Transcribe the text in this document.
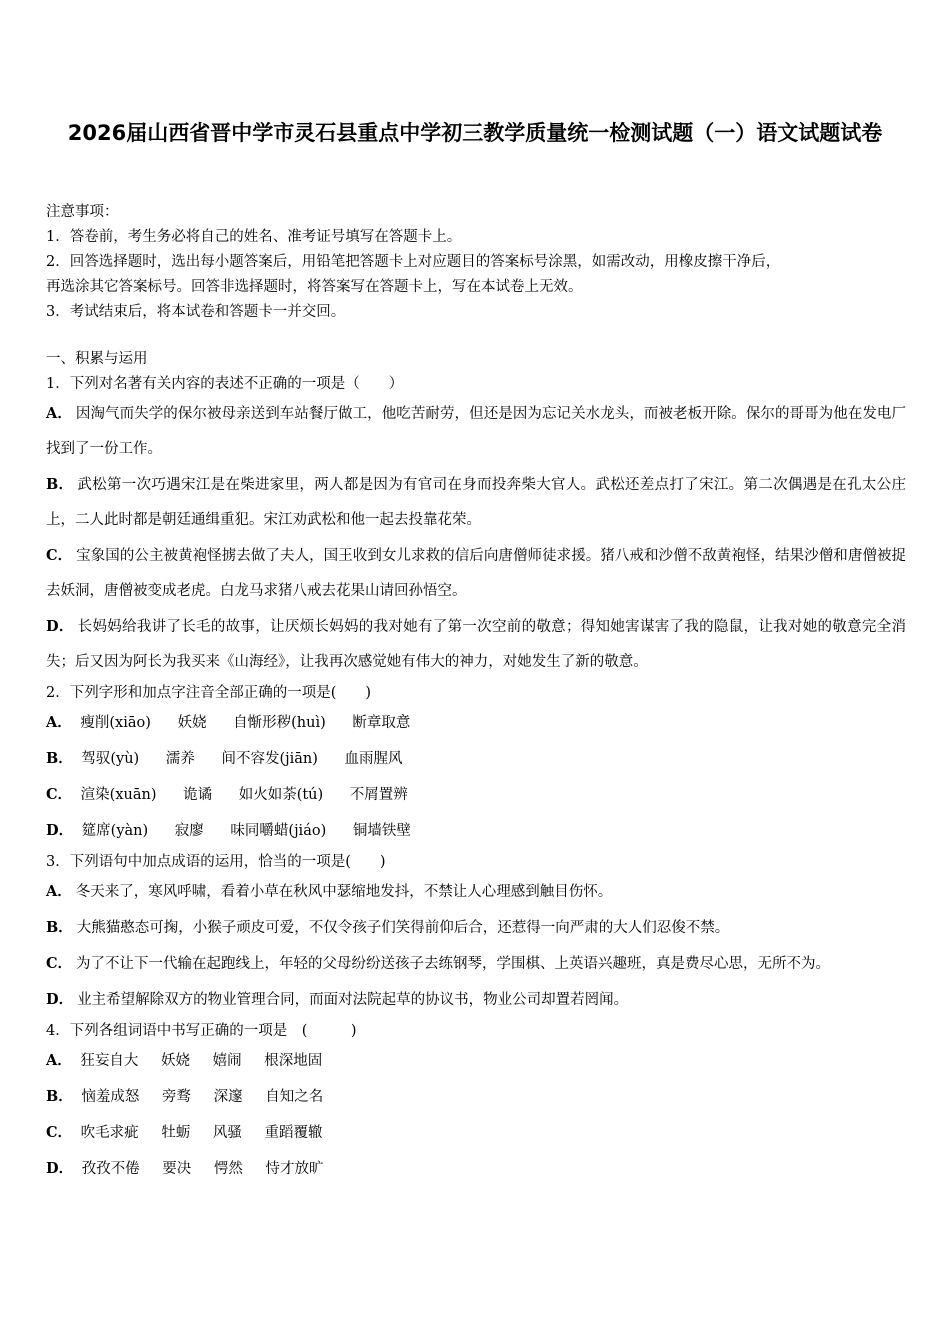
2026届山西省晋中学市灵石县重点中学初三教学质量统一检测试题（一）语文试题试卷
注意事项：
1．答卷前，考生务必将自己的姓名、准考证号填写在答题卡上。
2．回答选择题时，选出每小题答案后，用铅笔把答题卡上对应题目的答案标号涂黑，如需改动，用橡皮擦干净后，
再选涂其它答案标号。回答非选择题时，将答案写在答题卡上，写在本试卷上无效。
3．考试结束后，将本试卷和答题卡一并交回。
一、积累与运用
1．下列对名著有关内容的表述不正确的一项是（　　）
A． 因淘气而失学的保尔被母亲送到车站餐厅做工，他吃苦耐劳，但还是因为忘记关水龙头，而被老板开除。保尔的哥哥为他在发电厂找到了一份工作。
B． 武松第一次巧遇宋江是在柴进家里，两人都是因为有官司在身而投奔柴大官人。武松还差点打了宋江。第二次偶遇是在孔太公庄上，二人此时都是朝廷通缉重犯。宋江劝武松和他一起去投靠花荣。
C． 宝象国的公主被黄袍怪掳去做了夫人，国王收到女儿求救的信后向唐僧师徒求援。猪八戒和沙僧不敌黄袍怪，结果沙僧和唐僧被捉去妖洞，唐僧被变成老虎。白龙马求猪八戒去花果山请回孙悟空。
D． 长妈妈给我讲了长毛的故事，让厌烦长妈妈的我对她有了第一次空前的敬意；得知她害谋害了我的隐鼠，让我对她的敬意完全消失；后又因为阿长为我买来《山海经》，让我再次感觉她有伟大的神力，对她发生了新的敬意。
2．下列字形和加点字注音全部正确的一项是(　　)
A． 瘦削(xiāo) 妖娆 自惭形秽(huì) 断章取意
B． 驾驭(yù) 濡养 间不容发(jiān) 血雨腥风
C． 渲染(xuān) 诡谲 如火如荼(tú) 不屑置辨
D． 筵席(yàn) 寂廖 味同嚼蜡(jiáo) 铜墙铁壁
3．下列语句中加点成语的运用，恰当的一项是(　　)
A． 冬天来了，寒风呼啸，看着小草在秋风中瑟缩地发抖，不禁让人心理感到触目伤怀。
B． 大熊猫憨态可掬，小猴子顽皮可爱，不仅令孩子们笑得前仰后合，还惹得一向严肃的大人们忍俊不禁。
C． 为了不让下一代输在起跑线上，年轻的父母纷纷送孩子去练钢琴，学围棋、上英语兴趣班，真是费尽心思，无所不为。
D． 业主希望解除双方的物业管理合同，而面对法院起草的协议书，物业公司却置若罔闻。
4．下列各组词语中书写正确的一项是　(　　　)
A． 狂妄自大 妖娆 嬉闹 根深地固
B． 恼羞成怒 旁骛 深邃 自知之名
C． 吹毛求疵 牡蛎 风骚 重蹈覆辙
D． 孜孜不倦 要决 愕然 恃才放旷
